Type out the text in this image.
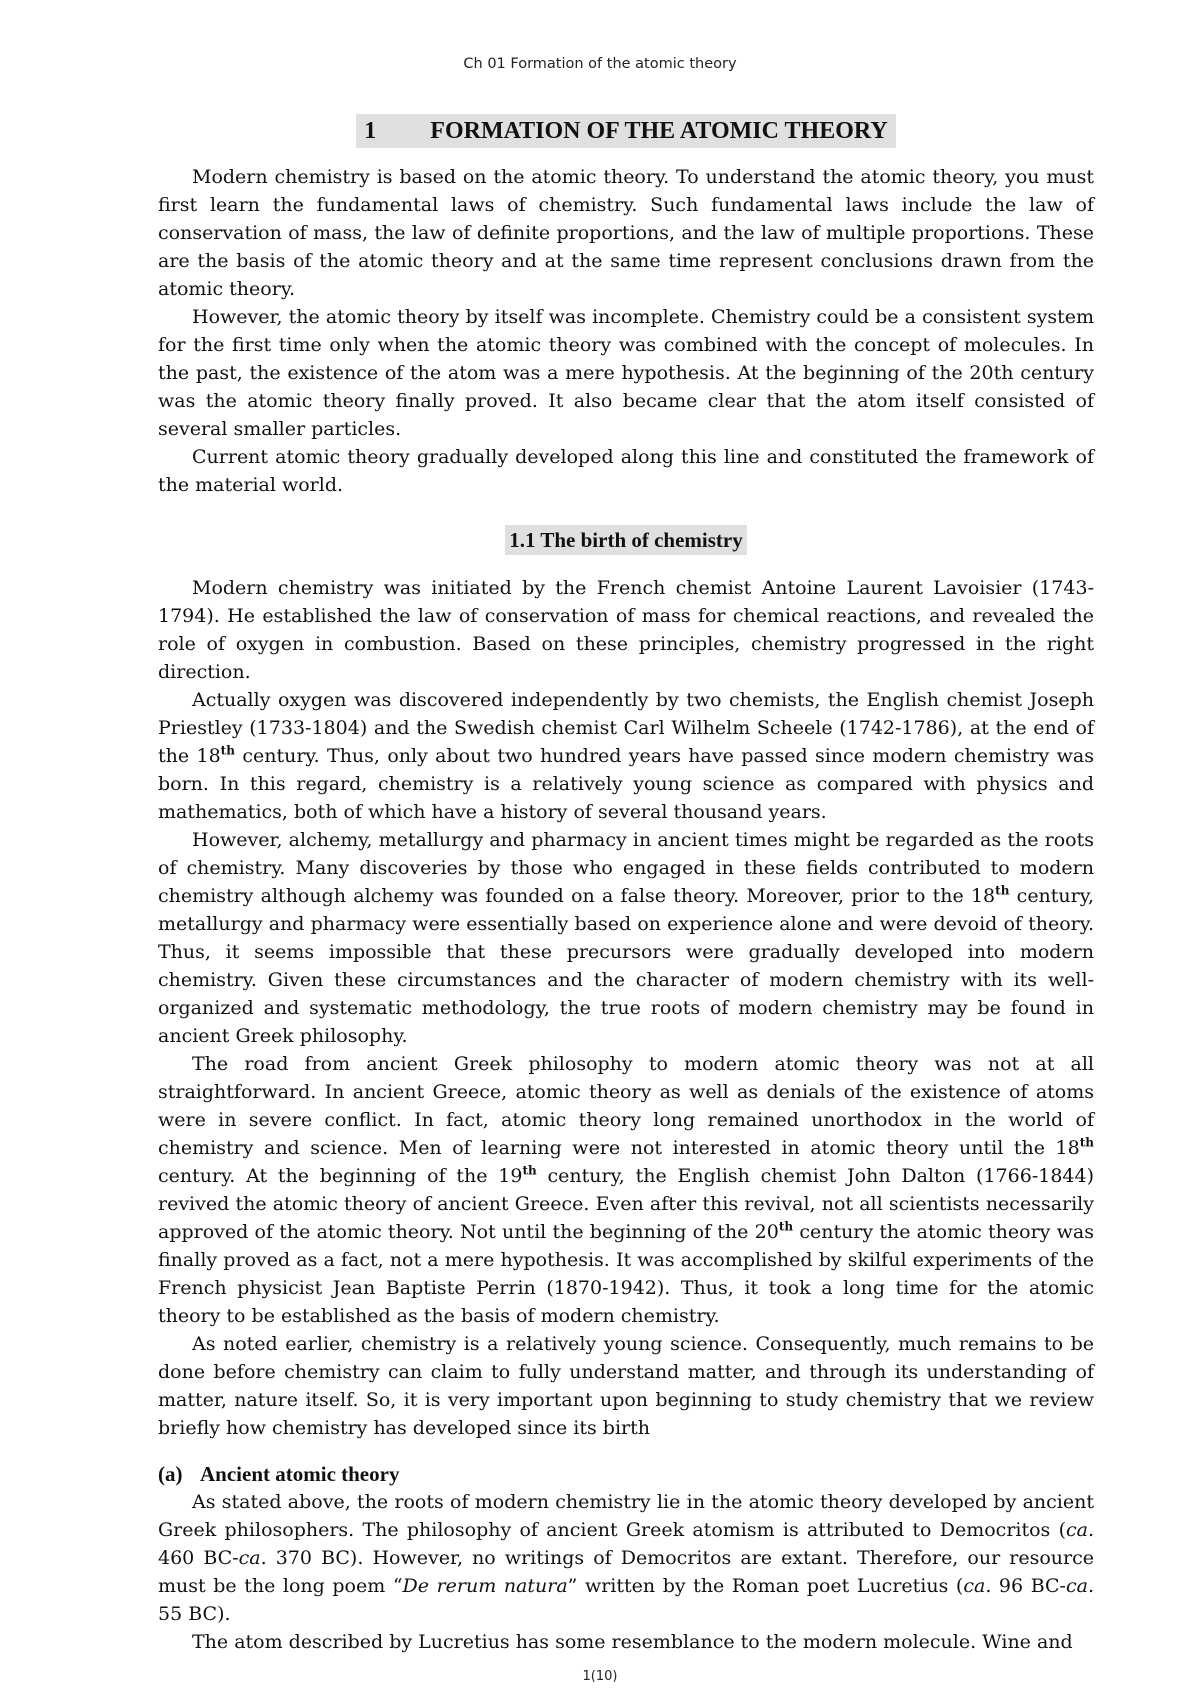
Ch 01 Formation of the atomic theory
1 FORMATION OF THE ATOMIC THEORY

Modern chemistry is based on the atomic theory. To understand the atomic theory, you must first learn the fundamental laws of chemistry. Such fundamental laws include the law of conservation of mass, the law of definite proportions, and the law of multiple proportions. These are the basis of the atomic theory and at the same time represent conclusions drawn from the atomic theory.

However, the atomic theory by itself was incomplete. Chemistry could be a consistent system for the first time only when the atomic theory was combined with the concept of molecules. In the past, the existence of the atom was a mere hypothesis. At the beginning of the 20th century was the atomic theory finally proved. It also became clear that the atom itself consisted of several smaller particles.

Current atomic theory gradually developed along this line and constituted the framework of the material world.

1.1 The birth of chemistry

Modern chemistry was initiated by the French chemist Antoine Laurent Lavoisier (1743-1794). He established the law of conservation of mass for chemical reactions, and revealed the role of oxygen in combustion. Based on these principles, chemistry progressed in the right direction.

Actually oxygen was discovered independently by two chemists, the English chemist Joseph Priestley (1733-1804) and the Swedish chemist Carl Wilhelm Scheele (1742-1786), at the end of the 18th century. Thus, only about two hundred years have passed since modern chemistry was born. In this regard, chemistry is a relatively young science as compared with physics and mathematics, both of which have a history of several thousand years.

However, alchemy, metallurgy and pharmacy in ancient times might be regarded as the roots of chemistry. Many discoveries by those who engaged in these fields contributed to modern chemistry although alchemy was founded on a false theory. Moreover, prior to the 18th century, metallurgy and pharmacy were essentially based on experience alone and were devoid of theory. Thus, it seems impossible that these precursors were gradually developed into modern chemistry. Given these circumstances and the character of modern chemistry with its well-organized and systematic methodology, the true roots of modern chemistry may be found in ancient Greek philosophy.

The road from ancient Greek philosophy to modern atomic theory was not at all straightforward. In ancient Greece, atomic theory as well as denials of the existence of atoms were in severe conflict. In fact, atomic theory long remained unorthodox in the world of chemistry and science. Men of learning were not interested in atomic theory until the 18th century. At the beginning of the 19th century, the English chemist John Dalton (1766-1844) revived the atomic theory of ancient Greece. Even after this revival, not all scientists necessarily approved of the atomic theory. Not until the beginning of the 20th century the atomic theory was finally proved as a fact, not a mere hypothesis. It was accomplished by skilful experiments of the French physicist Jean Baptiste Perrin (1870-1942). Thus, it took a long time for the atomic theory to be established as the basis of modern chemistry.

As noted earlier, chemistry is a relatively young science. Consequently, much remains to be done before chemistry can claim to fully understand matter, and through its understanding of matter, nature itself. So, it is very important upon beginning to study chemistry that we review briefly how chemistry has developed since its birth

(a) Ancient atomic theory

As stated above, the roots of modern chemistry lie in the atomic theory developed by ancient Greek philosophers. The philosophy of ancient Greek atomism is attributed to Democritos (ca. 460 BC-ca. 370 BC). However, no writings of Democritos are extant. Therefore, our resource must be the long poem “De rerum natura” written by the Roman poet Lucretius (ca. 96 BC-ca. 55 BC).

The atom described by Lucretius has some resemblance to the modern molecule. Wine and

1(10)
